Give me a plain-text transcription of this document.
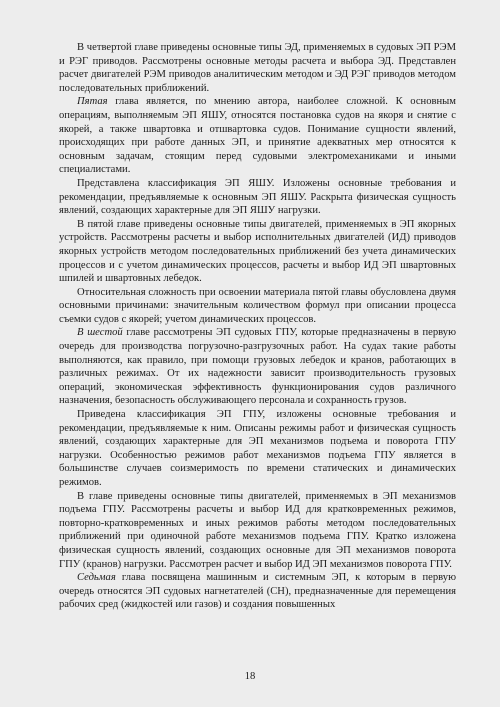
В четвертой главе приведены основные типы ЭД, применяемых в судовых ЭП РЭМ и РЭГ приводов. Рассмотрены основные методы расчета и выбора ЭД. Представлен расчет двигателей РЭМ приводов аналитическим методом и ЭД РЭГ приводов методом последовательных приближений.

Пятая глава является, по мнению автора, наиболее сложной. К основным операциям, выполняемым ЭП ЯШУ, относятся постановка судов на якоря и снятие с якорей, а также швартовка и отшвартовка судов. Понимание сущности явлений, происходящих при работе данных ЭП, и принятие адекватных мер относятся к основным задачам, стоящим перед судовыми электромеханиками и иными специалистами.

Представлена классификация ЭП ЯШУ. Изложены основные требования и рекомендации, предъявляемые к основным ЭП ЯШУ. Раскрыта физическая сущность явлений, создающих характерные для ЭП ЯШУ нагрузки.

В пятой главе приведены основные типы двигателей, применяемых в ЭП якорных устройств. Рассмотрены расчеты и выбор исполнительных двигателей (ИД) приводов якорных устройств методом последовательных приближений без учета динамических процессов и с учетом динамических процессов, расчеты и выбор ИД ЭП швартовных шпилей и швартовных лебедок.

Относительная сложность при освоении материала пятой главы обусловлена двумя основными причинами: значительным количеством формул при описании процесса съемки судов с якорей; учетом динамических процессов.

В шестой главе рассмотрены ЭП судовых ГПУ, которые предназначены в первую очередь для производства погрузочно-разгрузочных работ. На судах такие работы выполняются, как правило, при помощи грузовых лебедок и кранов, работающих в различных режимах. От их надежности зависит производительность грузовых операций, экономическая эффективность функционирования судов различного назначения, безопасность обслуживающего персонала и сохранность грузов.

Приведена классификация ЭП ГПУ, изложены основные требования и рекомендации, предъявляемые к ним. Описаны режимы работ и физическая сущность явлений, создающих характерные для ЭП механизмов подъема и поворота ГПУ нагрузки. Особенностью режимов работ механизмов подъема ГПУ является в большинстве случаев соизмеримость по времени статических и динамических режимов.

В главе приведены основные типы двигателей, применяемых в ЭП механизмов подъема ГПУ. Рассмотрены расчеты и выбор ИД для кратковременных режимов, повторно-кратковременных и иных режимов работы методом последовательных приближений при одиночной работе механизмов подъема ГПУ. Кратко изложена физическая сущность явлений, создающих основные для ЭП механизмов поворота ГПУ (кранов) нагрузки. Рассмотрен расчет и выбор ИД ЭП механизмов поворота ГПУ.

Седьмая глава посвящена машинным и системным ЭП, к которым в первую очередь относятся ЭП судовых нагнетателей (СН), предназначенные для перемещения рабочих сред (жидкостей или газов) и создания повышенных

18
